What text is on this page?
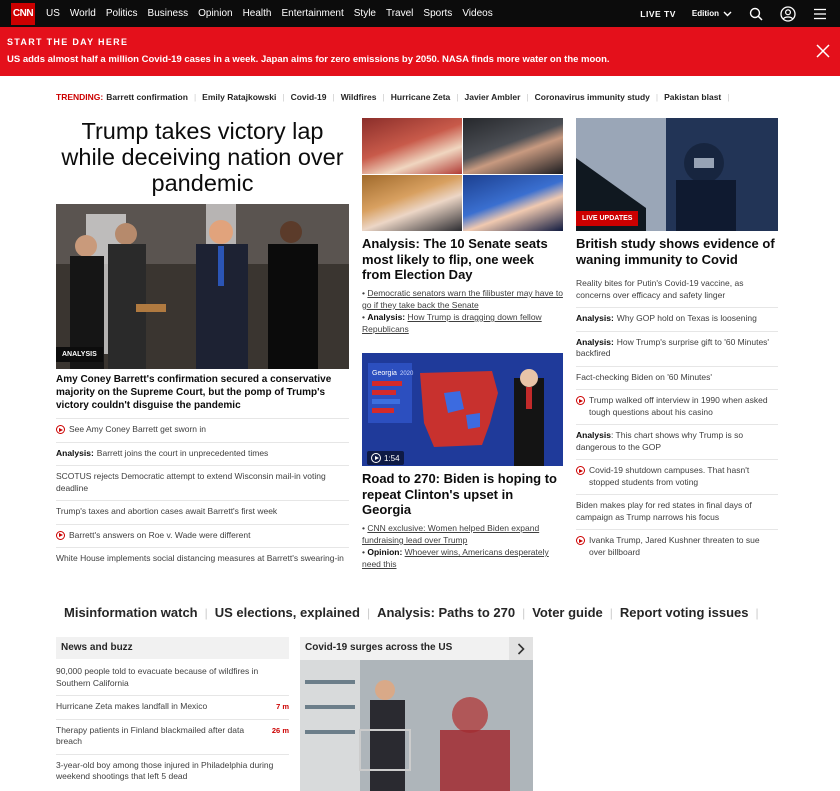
CNN US World Politics Business Opinion Health Entertainment Style Travel Sports Videos	LIVE TV Edition
START THE DAY HERE
US adds almost half a million Covid-19 cases in a week. Japan aims for zero emissions by 2050. NASA finds more water on the moon.
TRENDING: Barrett confirmation | Emily Ratajkowski | Covid-19 | Wildfires | Hurricane Zeta | Javier Ambler | Coronavirus immunity study | Pakistan blast |
Trump takes victory lap while deceiving nation over pandemic
ANALYSIS
Amy Coney Barrett's confirmation secured a conservative majority on the Supreme Court, but the pomp of Trump's victory couldn't disguise the pandemic
See Amy Coney Barrett get sworn in
Analysis: Barrett joins the court in unprecedented times
SCOTUS rejects Democratic attempt to extend Wisconsin mail-in voting deadline
Trump's taxes and abortion cases await Barrett's first week
Barrett's answers on Roe v. Wade were different
White House implements social distancing measures at Barrett's swearing-in
Analysis: The 10 Senate seats most likely to flip, one week from Election Day
• Democratic senators warn the filibuster may have to go if they take back the Senate
• Analysis: How Trump is dragging down fellow Republicans
Georgia 2020
1:54
Road to 270: Biden is hoping to repeat Clinton's upset in Georgia
• CNN exclusive: Women helped Biden expand fundraising lead over Trump
• Opinion: Whoever wins, Americans desperately need this
LIVE UPDATES
British study shows evidence of waning immunity to Covid
Reality bites for Putin's Covid-19 vaccine, as concerns over efficacy and safety linger
Analysis: Why GOP hold on Texas is loosening
Analysis: How Trump's surprise gift to '60 Minutes' backfired
Fact-checking Biden on '60 Minutes'
Trump walked off interview in 1990 when asked tough questions about his casino
Analysis: This chart shows why Trump is so dangerous to the GOP
Covid-19 shutdown campuses. That hasn't stopped students from voting
Biden makes play for red states in final days of campaign as Trump narrows his focus
Ivanka Trump, Jared Kushner threaten to sue over billboard
Misinformation watch | US elections, explained | Analysis: Paths to 270 | Voter guide | Report voting issues |
News and buzz
90,000 people told to evacuate because of wildfires in Southern California
Hurricane Zeta makes landfall in Mexico	7 m
Therapy patients in Finland blackmailed after data breach
26 m
3-year-old boy among those injured in Philadelphia during weekend shootings that left 5 dead
Covid-19 surges across the US
